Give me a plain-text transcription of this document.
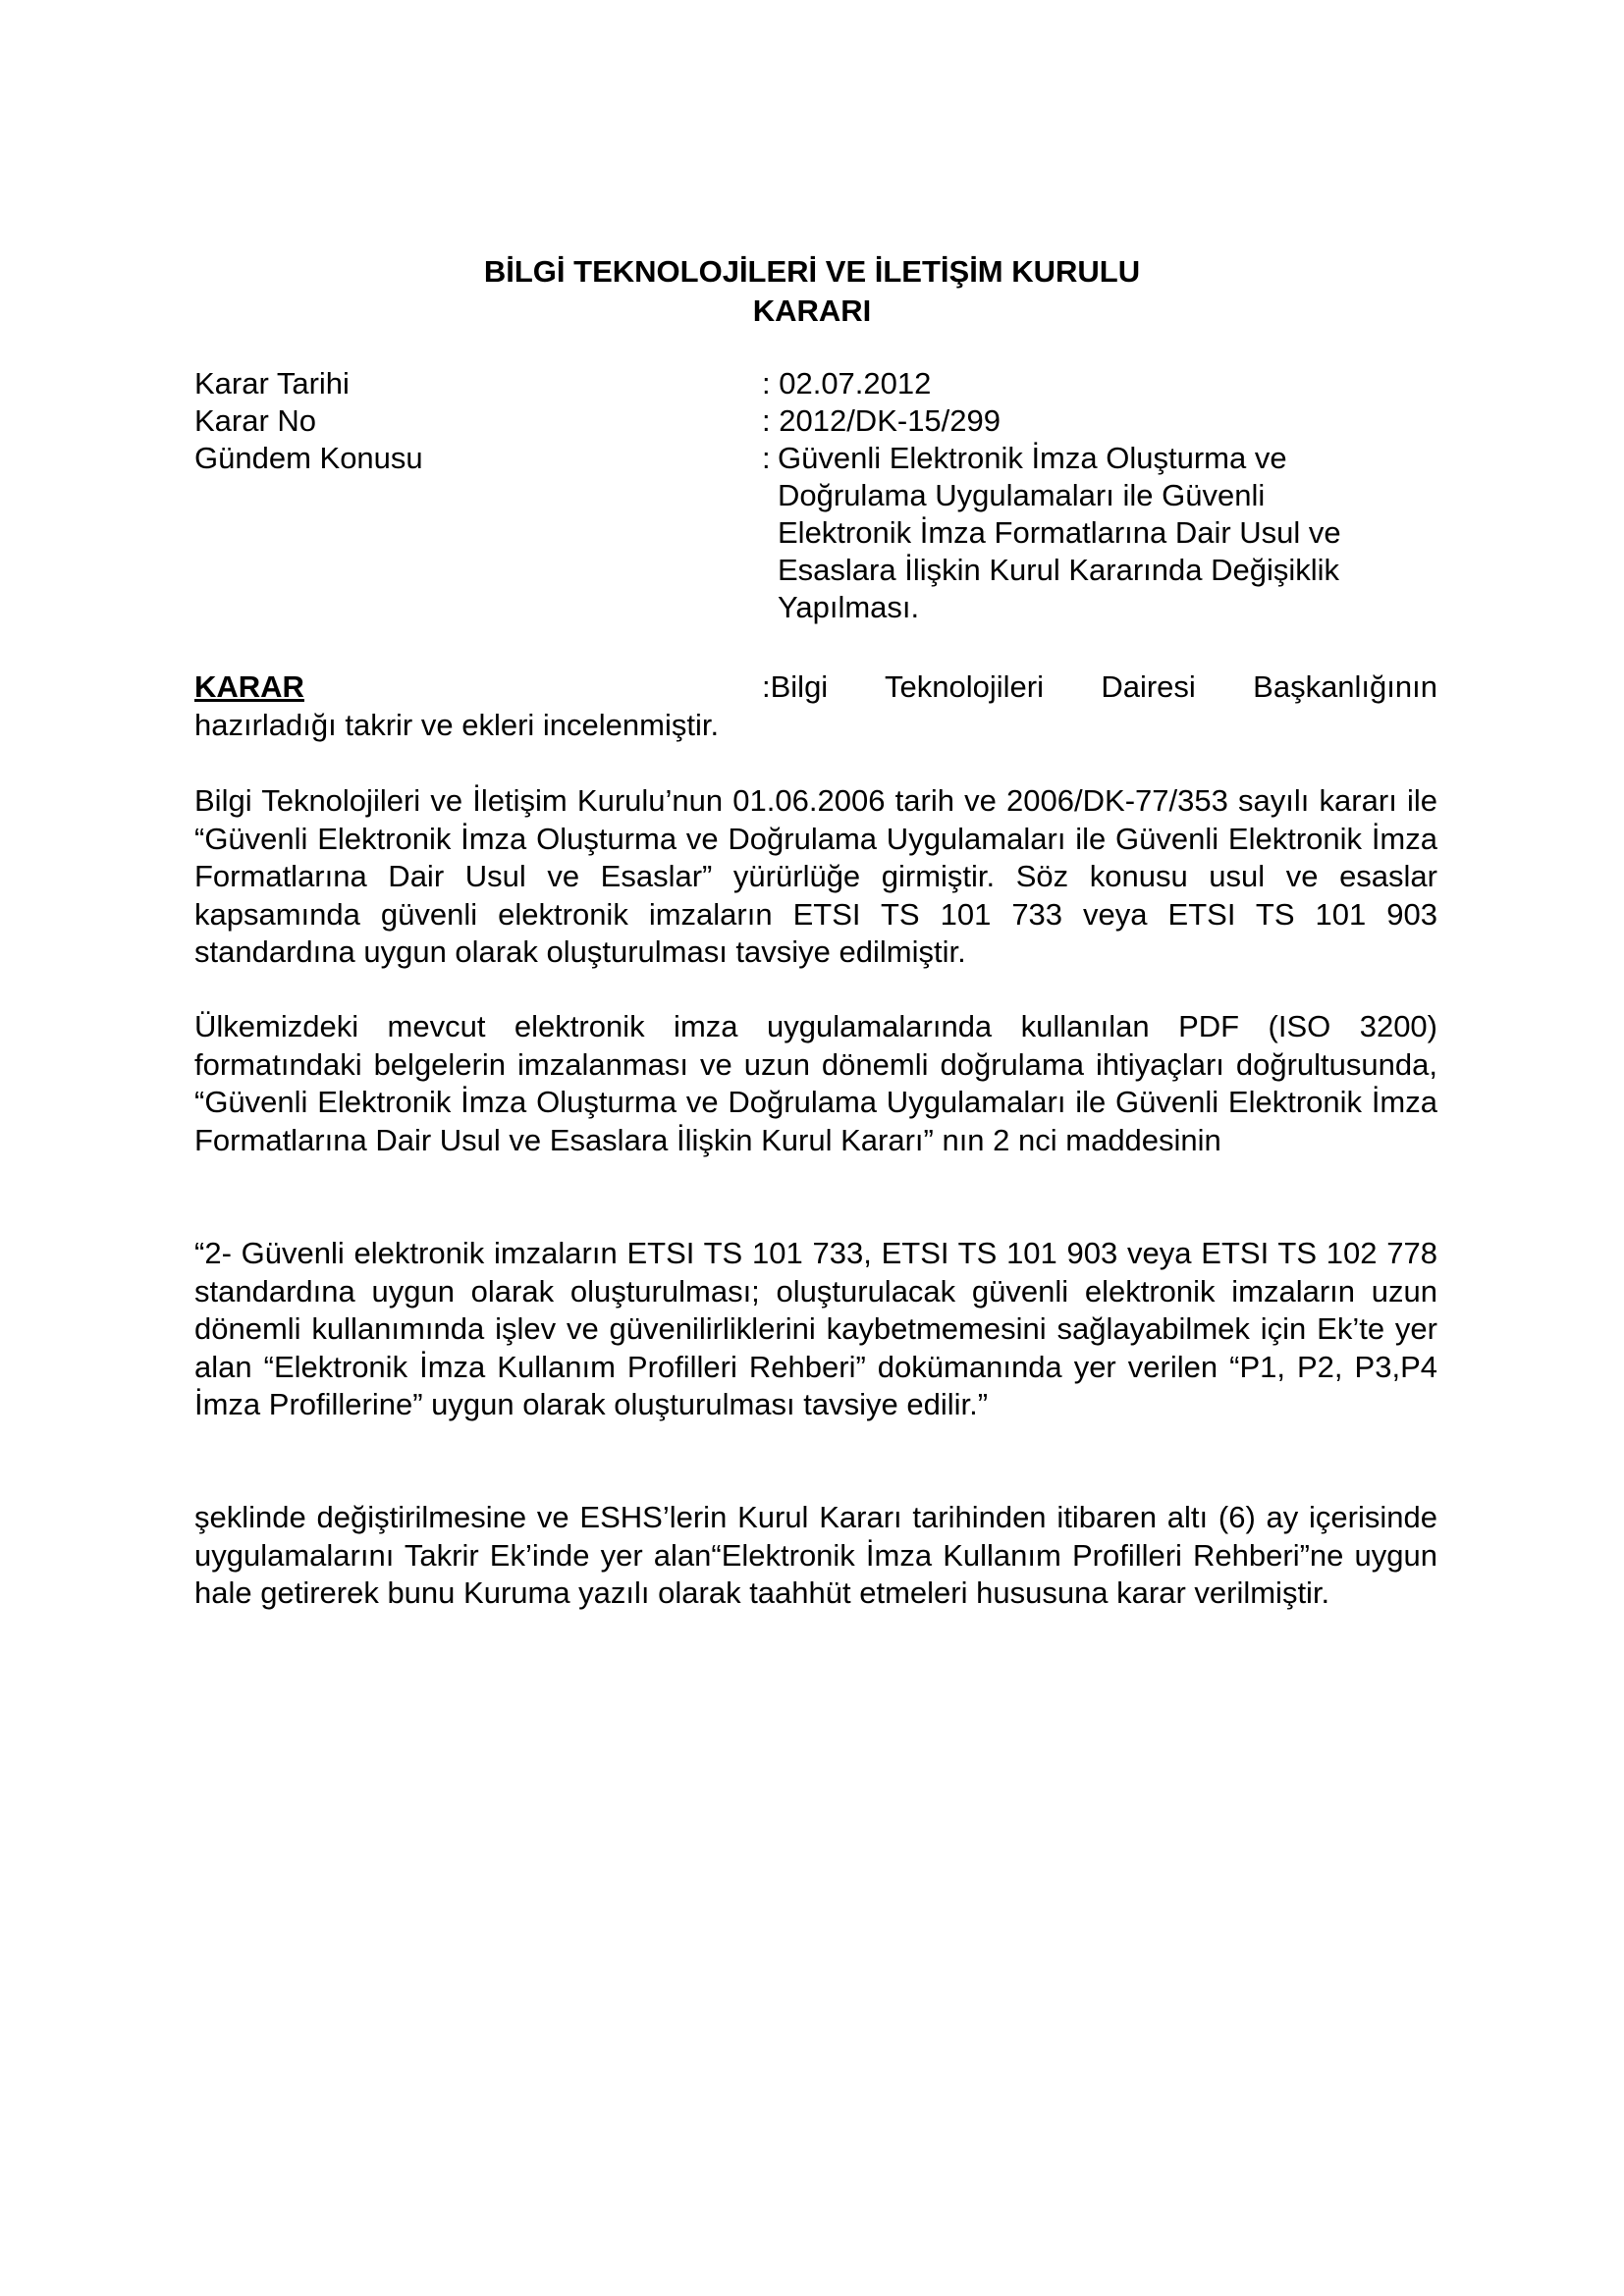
BİLGİ TEKNOLOJİLERİ VE İLETİŞİM KURULU
KARARI
Karar Tarihi	: 02.07.2012
Karar No	: 2012/DK-15/299
Gündem Konusu	: Güvenli Elektronik İmza Oluşturma ve
Doğrulama Uygulamaları ile Güvenli
Elektronik İmza Formatlarına Dair Usul ve
Esaslara İlişkin Kurul Kararında Değişiklik
Yapılması.
KARAR	:Bilgi Teknolojileri Dairesi Başkanlığının
hazırladığı takrir ve ekleri incelenmiştir.
Bilgi Teknolojileri ve İletişim Kurulu’nun 01.06.2006 tarih ve 2006/DK-77/353 sayılı kararı ile “Güvenli Elektronik İmza Oluşturma ve Doğrulama Uygulamaları ile Güvenli Elektronik İmza Formatlarına Dair Usul ve Esaslar” yürürlüğe girmiştir. Söz konusu usul ve esaslar kapsamında güvenli elektronik imzaların ETSI TS 101 733 veya ETSI TS 101 903 standardına uygun olarak oluşturulması tavsiye edilmiştir.
Ülkemizdeki mevcut elektronik imza uygulamalarında kullanılan PDF (ISO 3200) formatındaki belgelerin imzalanması ve uzun dönemli doğrulama ihtiyaçları doğrultusunda, “Güvenli Elektronik İmza Oluşturma ve Doğrulama Uygulamaları ile Güvenli Elektronik İmza Formatlarına Dair Usul ve Esaslara İlişkin Kurul Kararı” nın 2 nci maddesinin
“2- Güvenli elektronik imzaların ETSI TS 101 733, ETSI TS 101 903 veya ETSI TS 102 778 standardına uygun olarak oluşturulması; oluşturulacak güvenli elektronik imzaların uzun dönemli kullanımında işlev ve güvenilirliklerini kaybetmemesini sağlayabilmek için Ek’te yer alan “Elektronik İmza Kullanım Profilleri Rehberi” dokümanında yer verilen “P1, P2, P3,P4 İmza Profillerine” uygun olarak oluşturulması tavsiye edilir.”
şeklinde değiştirilmesine ve ESHS’lerin Kurul Kararı tarihinden itibaren altı (6) ay içerisinde uygulamalarını Takrir Ek’inde yer alan“Elektronik İmza Kullanım Profilleri Rehberi”ne uygun hale getirerek bunu Kuruma yazılı olarak taahhüt etmeleri hususuna karar verilmiştir.
